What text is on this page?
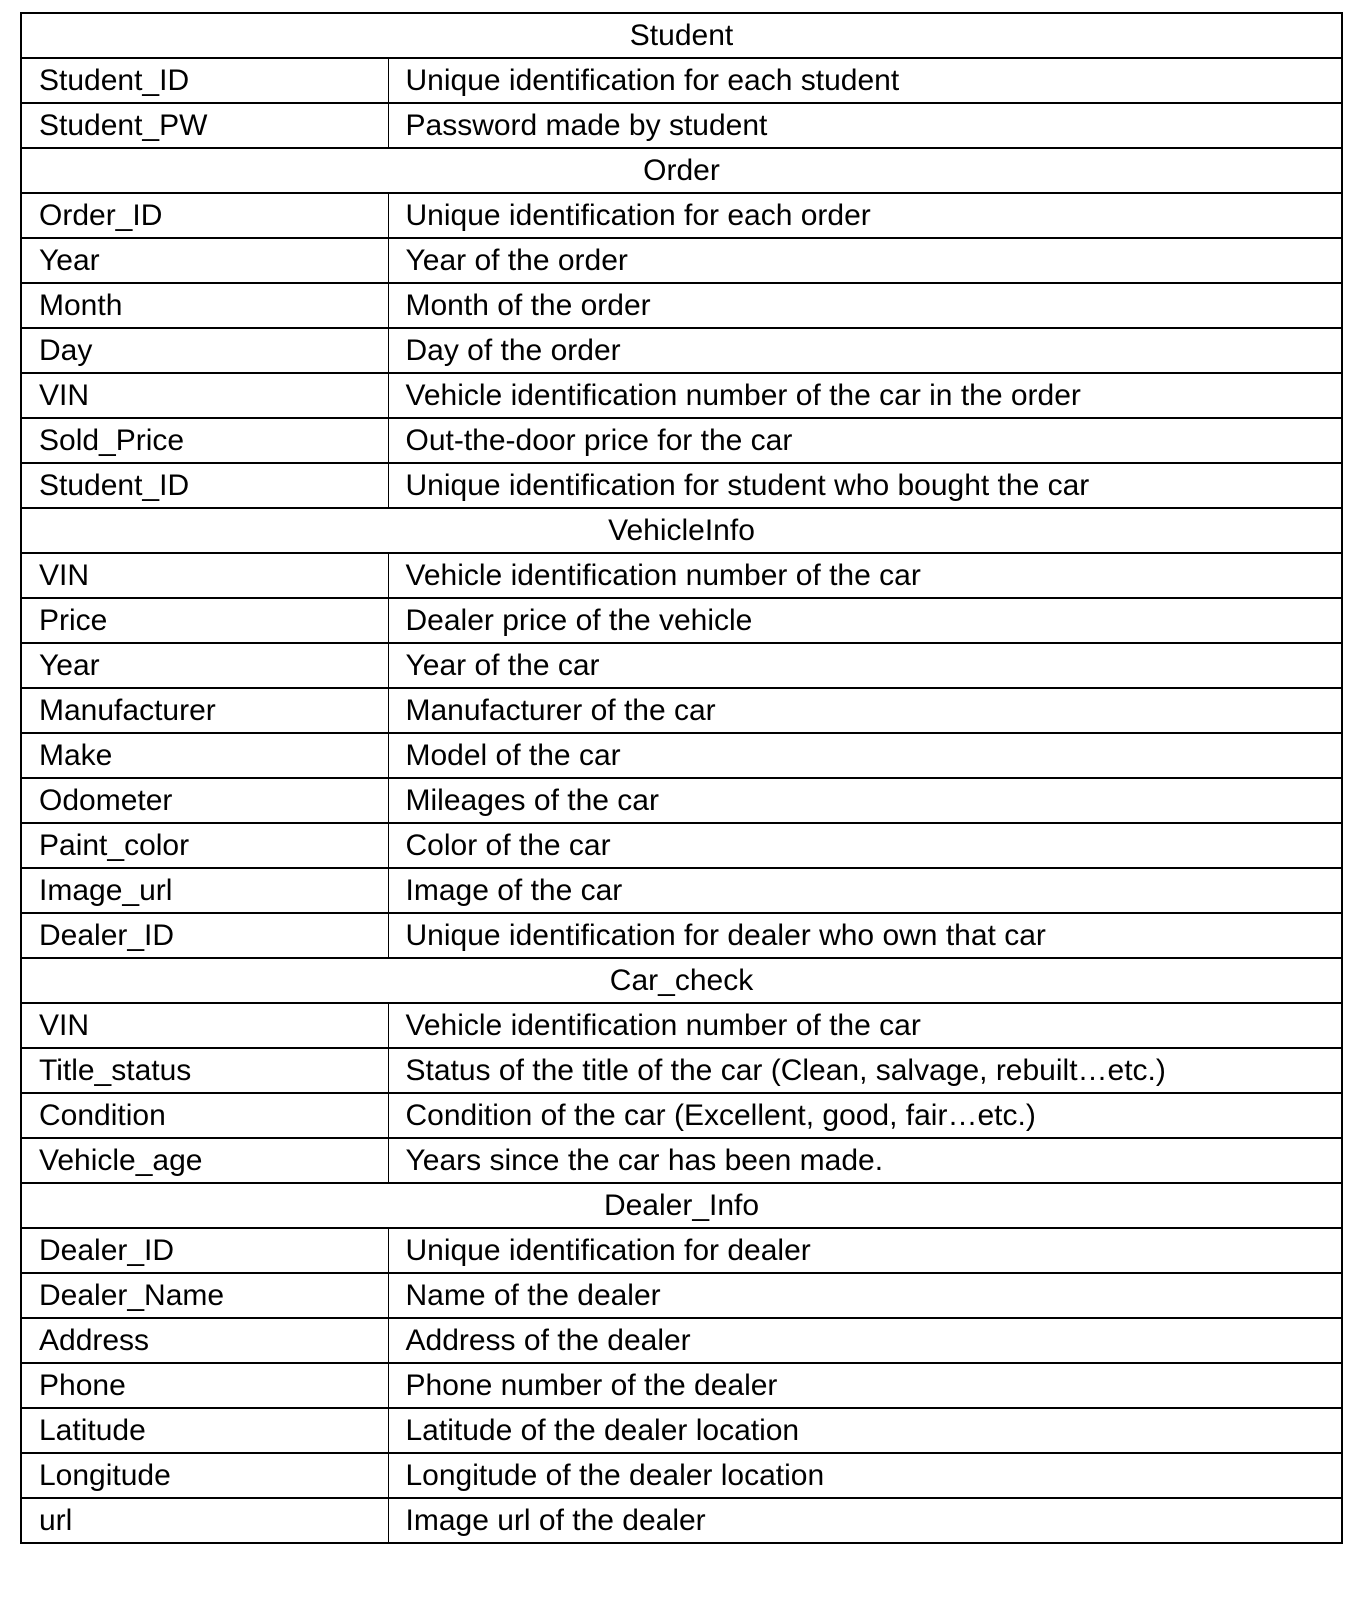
Student	
Student_ID	Unique identification for each student
Student_PW	Password made by student
Order	
Order_ID	Unique identification for each order
Year	Year of the order
Month	Month of the order
Day	Day of the order
VIN	Vehicle identification number of the car in the order
Sold_Price	Out-the-door price for the car
Student_ID	Unique identification for student who bought the car
VehicleInfo	
VIN	Vehicle identification number of the car
Price	Dealer price of the vehicle
Year	Year of the car
Manufacturer	Manufacturer of the car
Make	Model of the car
Odometer	Mileages of the car
Paint_color	Color of the car
Image_url	Image of the car
Dealer_ID	Unique identification for dealer who own that car
Car_check	
VIN	Vehicle identification number of the car
Title_status	Status of the title of the car (Clean, salvage, rebuilt…etc.)
Condition	Condition of the car (Excellent, good, fair…etc.)
Vehicle_age	Years since the car has been made.
Dealer_Info	
Dealer_ID	Unique identification for dealer
Dealer_Name	Name of the dealer
Address	Address of the dealer
Phone	Phone number of the dealer
Latitude	Latitude of the dealer location
Longitude	Longitude of the dealer location
url	Image url of the dealer
